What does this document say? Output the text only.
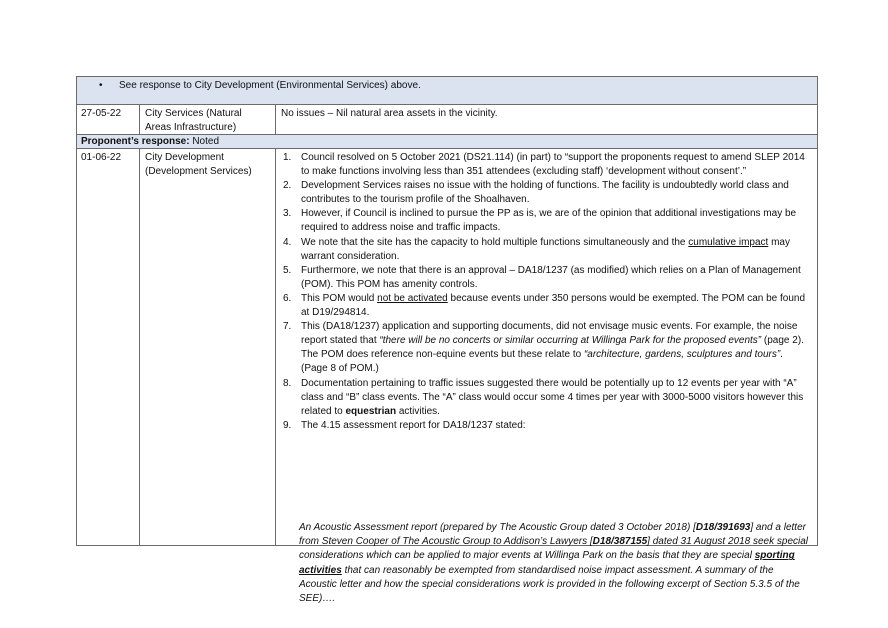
• See response to City Development (Environmental Services) above.
27-05-22	City Services (Natural
Areas Infrastructure)
No issues – Nil natural area assets in the vicinity.
Proponent’s response: Noted
01-06-22	City Development
(Development Services)
1. Council resolved on 5 October 2021 (DS21.114) (in part) to “support the proponents request to amend SLEP 2014 to make functions involving less than 351 attendees (excluding staff) ‘development without consent’.”
2. Development Services raises no issue with the holding of functions. The facility is undoubtedly world class and contributes to the tourism profile of the Shoalhaven.
3. However, if Council is inclined to pursue the PP as is, we are of the opinion that additional investigations may be required to address noise and traffic impacts.
4. We note that the site has the capacity to hold multiple functions simultaneously and the cumulative impact may warrant consideration.
5. Furthermore, we note that there is an approval – DA18/1237 (as modified) which relies on a Plan of Management (POM). This POM has amenity controls.
6. This POM would not be activated because events under 350 persons would be exempted. The POM can be found at D19/294814.
7. This (DA18/1237) application and supporting documents, did not envisage music events. For example, the noise report stated that “there will be no concerts or similar occurring at Willinga Park for the proposed events” (page 2). The POM does reference non-equine events but these relate to “architecture, gardens, sculptures and tours”. (Page 8 of POM.)
8. Documentation pertaining to traffic issues suggested there would be potentially up to 12 events per year with “A” class and “B” class events. The “A” class would occur some 4 times per year with 3000-5000 visitors however this related to equestrian activities.
9. The 4.15 assessment report for DA18/1237 stated:
An Acoustic Assessment report (prepared by The Acoustic Group dated 3 October 2018) [D18/391693] and a letter from Steven Cooper of The Acoustic Group to Addison’s Lawyers [D18/387155] dated 31 August 2018 seek special considerations which can be applied to major events at Willinga Park on the basis that they are special sporting activities that can reasonably be exempted from standardised noise impact assessment. A summary of the Acoustic letter and how the special considerations work is provided in the following excerpt of Section 5.3.5 of the SEE)….
